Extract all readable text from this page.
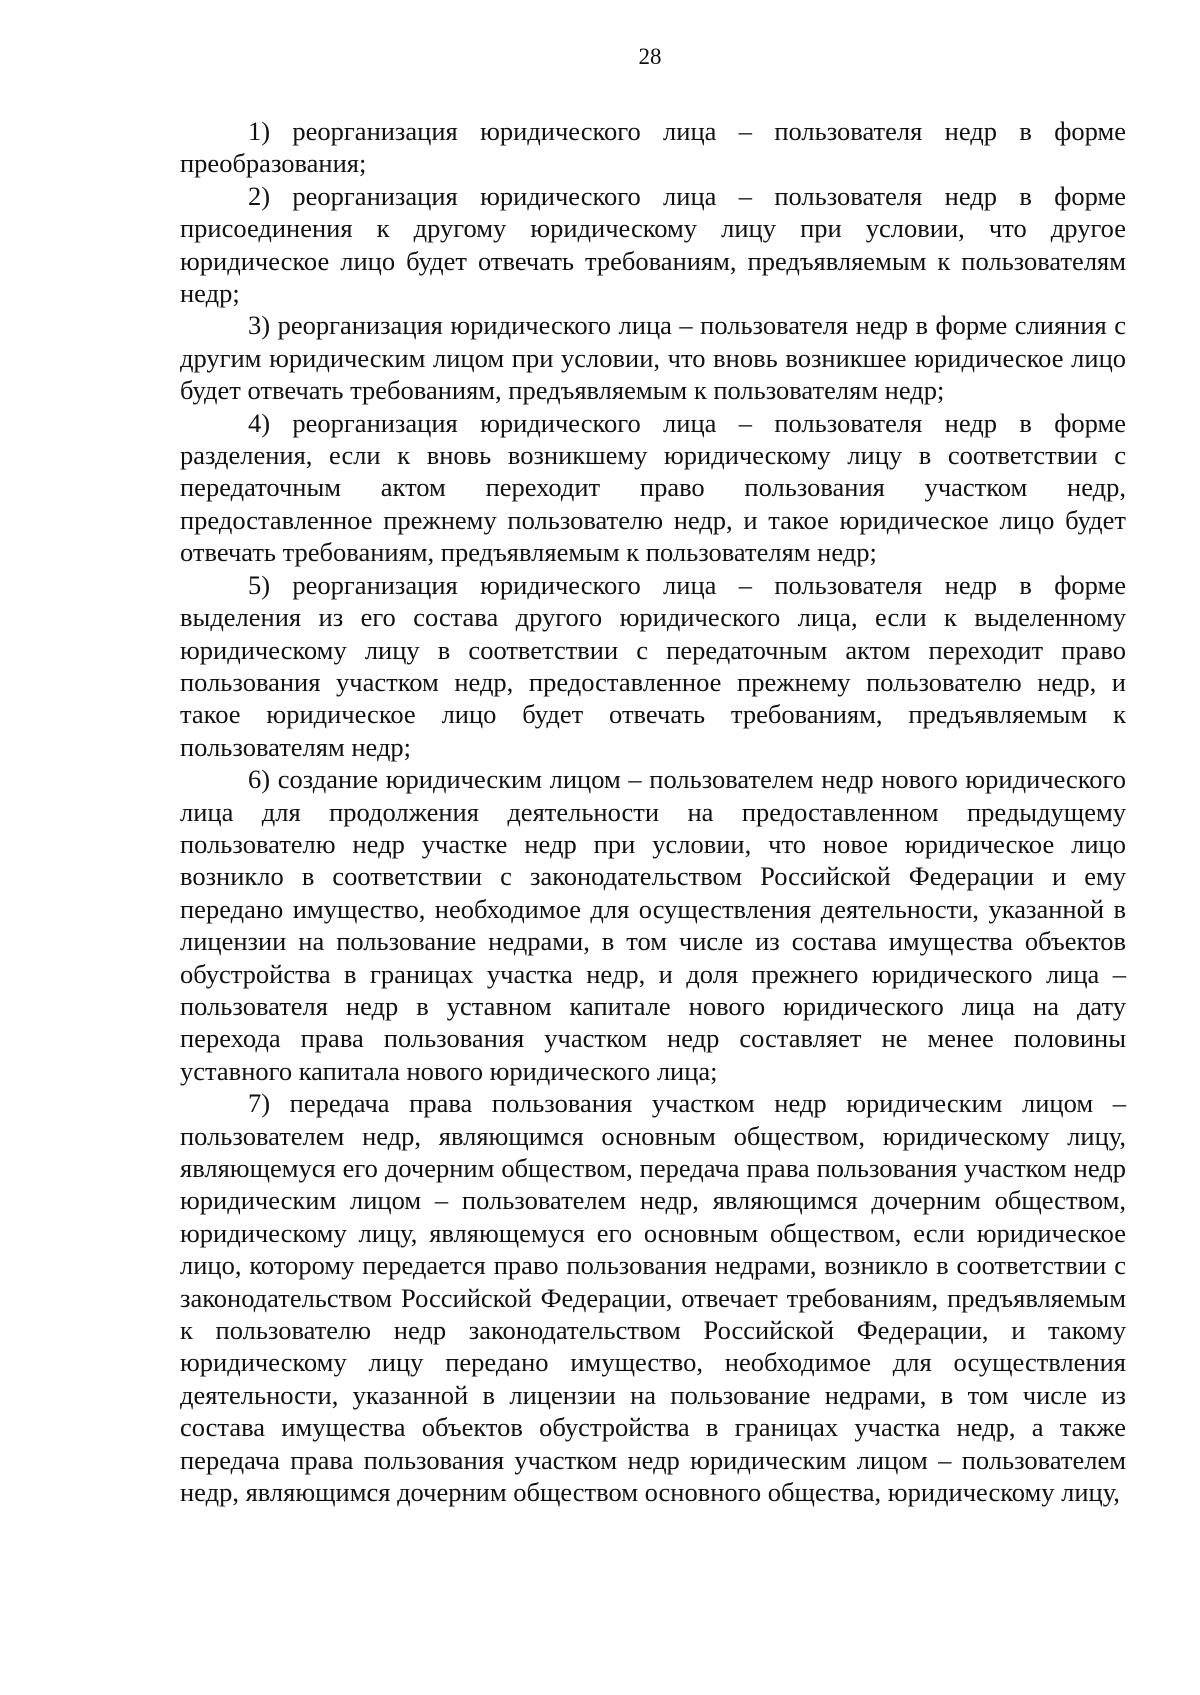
28

1) реорганизация юридического лица – пользователя недр в форме преобразования;

2) реорганизация юридического лица – пользователя недр в форме присоединения к другому юридическому лицу при условии, что другое юридическое лицо будет отвечать требованиям, предъявляемым к пользователям недр;

3) реорганизация юридического лица – пользователя недр в форме слияния с другим юридическим лицом при условии, что вновь возникшее юридическое лицо будет отвечать требованиям, предъявляемым к пользователям недр;

4) реорганизация юридического лица – пользователя недр в форме разделения, если к вновь возникшему юридическому лицу в соответствии с передаточным актом переходит право пользования участком недр, предоставленное прежнему пользователю недр, и такое юридическое лицо будет отвечать требованиям, предъявляемым к пользователям недр;

5) реорганизация юридического лица – пользователя недр в форме выделения из его состава другого юридического лица, если к выделенному юридическому лицу в соответствии с передаточным актом переходит право пользования участком недр, предоставленное прежнему пользователю недр, и такое юридическое лицо будет отвечать требованиям, предъявляемым к пользователям недр;

6) создание юридическим лицом – пользователем недр нового юридического лица для продолжения деятельности на предоставленном предыдущему пользователю недр участке недр при условии, что новое юридическое лицо возникло в соответствии с законодательством Российской Федерации и ему передано имущество, необходимое для осуществления деятельности, указанной в лицензии на пользование недрами, в том числе из состава имущества объектов обустройства в границах участка недр, и доля прежнего юридического лица – пользователя недр в уставном капитале нового юридического лица на дату перехода права пользования участком недр составляет не менее половины уставного капитала нового юридического лица;

7) передача права пользования участком недр юридическим лицом – пользователем недр, являющимся основным обществом, юридическому лицу, являющемуся его дочерним обществом, передача права пользования участком недр юридическим лицом – пользователем недр, являющимся дочерним обществом, юридическому лицу, являющемуся его основным обществом, если юридическое лицо, которому передается право пользования недрами, возникло в соответствии с законодательством Российской Федерации, отвечает требованиям, предъявляемым к пользователю недр законодательством Российской Федерации, и такому юридическому лицу передано имущество, необходимое для осуществления деятельности, указанной в лицензии на пользование недрами, в том числе из состава имущества объектов обустройства в границах участка недр, а также передача права пользования участком недр юридическим лицом – пользователем недр, являющимся дочерним обществом основного общества, юридическому лицу,
